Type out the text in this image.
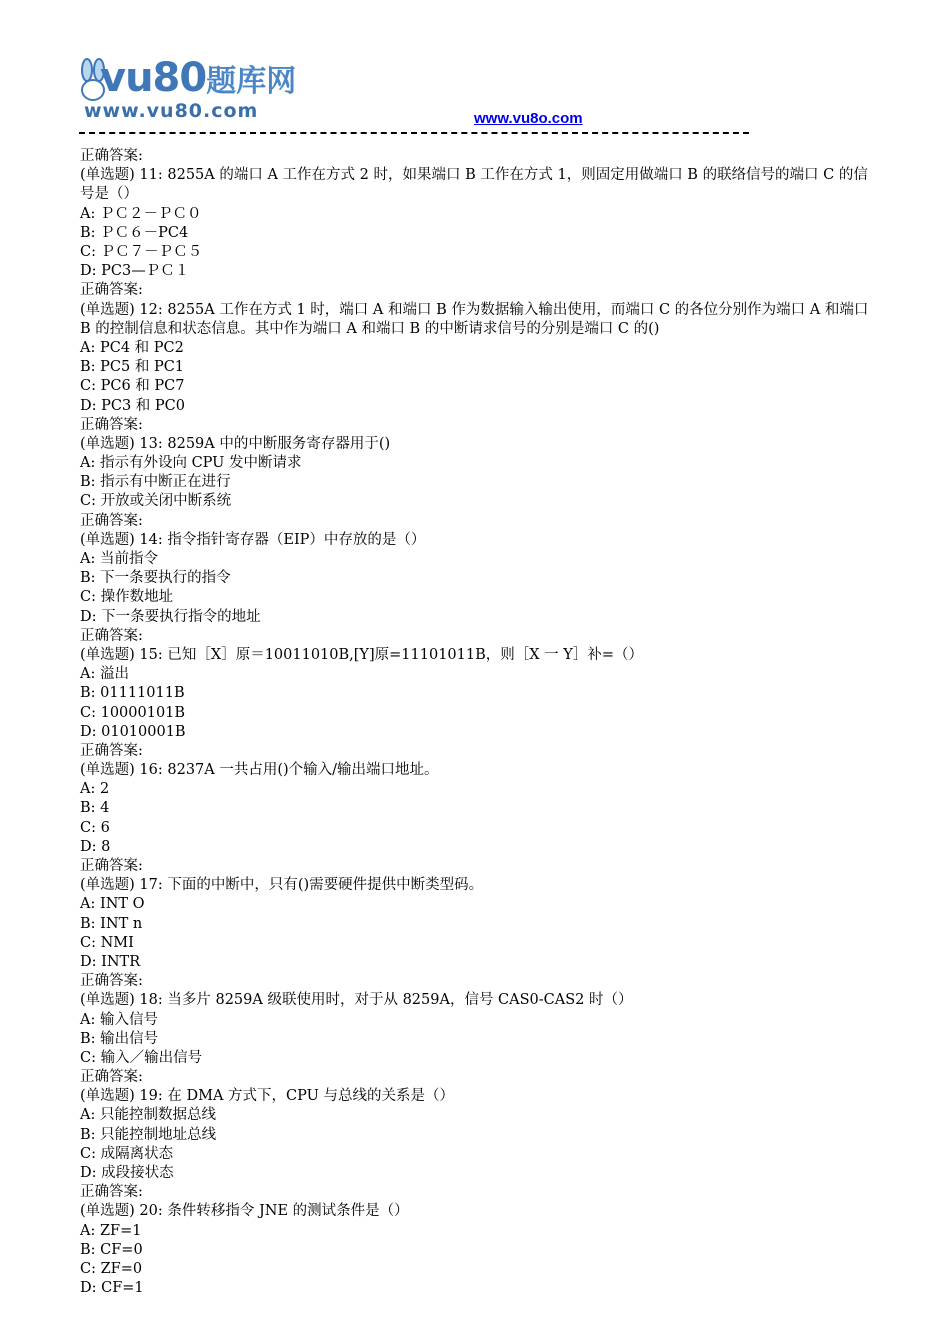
vu80题库网
www.vu80.com	www.vu8o.com
正确答案:
(单选题) 11: 8255A 的端口 A 工作在方式 2 时，如果端口 B 工作在方式 1，则固定用做端口 B 的联络信号的端口 C 的信号是（）
A: ＰＣ２－ＰＣ０
B: ＰＣ６－PC4
C: ＰＣ７－ＰＣ５
D: PC3—ＰＣ１
正确答案:
(单选题) 12: 8255A 工作在方式 1 时，端口 A 和端口 B 作为数据输入输出使用，而端口 C 的各位分别作为端口 A 和端口 B 的控制信息和状态信息。其中作为端口 A 和端口 B 的中断请求信号的分别是端口 C 的()
A: PC4 和 PC2
B: PC5 和 PC1
C: PC6 和 PC7
D: PC3 和 PC0
正确答案:
(单选题) 13: 8259A 中的中断服务寄存器用于()
A: 指示有外设向 CPU 发中断请求
B: 指示有中断正在进行
C: 开放或关闭中断系统
正确答案:
(单选题) 14: 指令指针寄存器（EIP）中存放的是（）
A: 当前指令
B: 下一条要执行的指令
C: 操作数地址
D: 下一条要执行指令的地址
正确答案:
(单选题) 15: 已知［X］原＝10011010B,[Y]原=11101011B，则［X 一 Y］补=（）
A: 溢出
B: 01111011B
C: 10000101B
D: 01010001B
正确答案:
(单选题) 16: 8237A 一共占用()个输入/输出端口地址。
A: 2
B: 4
C: 6
D: 8
正确答案:
(单选题) 17: 下面的中断中，只有()需要硬件提供中断类型码。
A: INT O
B: INT n
C: NMI
D: INTR
正确答案:
(单选题) 18: 当多片 8259A 级联使用时，对于从 8259A，信号 CAS0-CAS2 时（）
A: 输入信号
B: 输出信号
C: 输入／输出信号
正确答案:
(单选题) 19: 在 DMA 方式下，CPU 与总线的关系是（）
A: 只能控制数据总线
B: 只能控制地址总线
C: 成隔离状态
D: 成段接状态
正确答案:
(单选题) 20: 条件转移指令 JNE 的测试条件是（）
A: ZF=1
B: CF=0
C: ZF=0
D: CF=1
